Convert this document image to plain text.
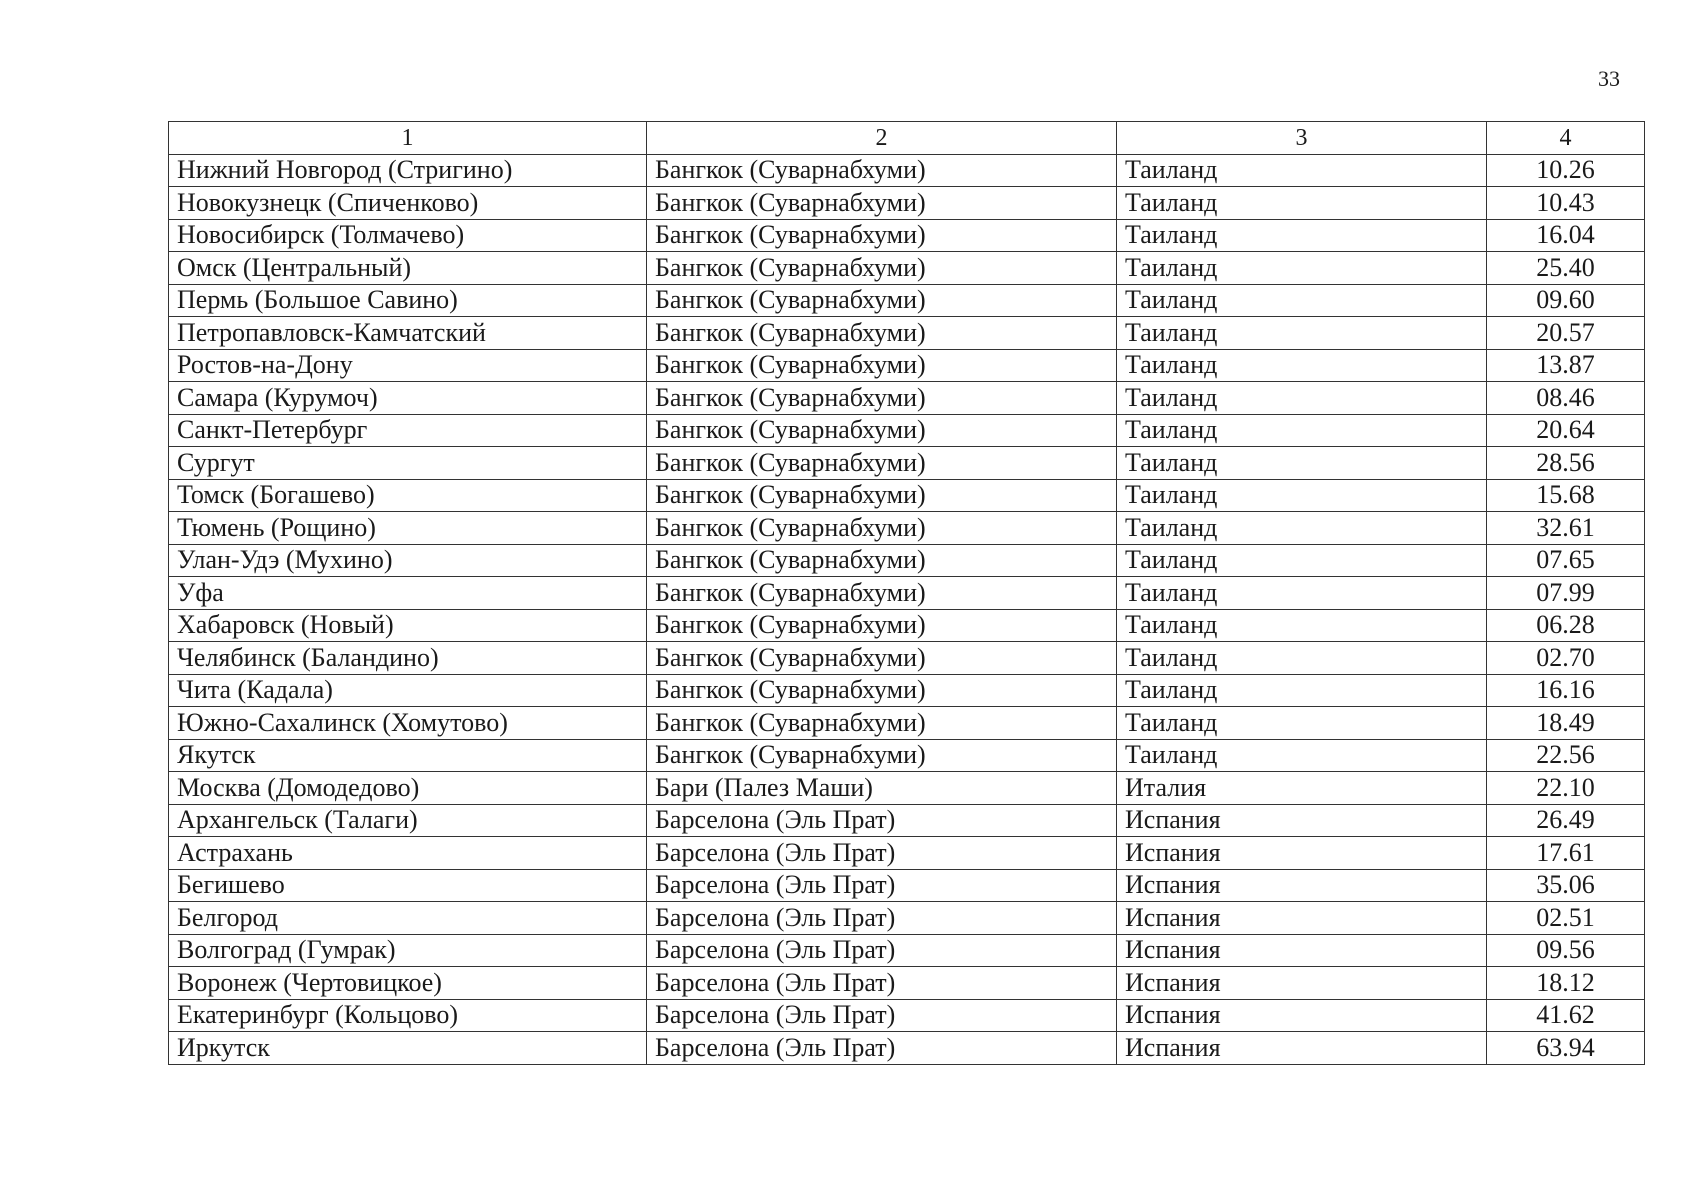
33
1	2	3	4
Нижний Новгород (Стригино)	Бангкок (Суварнабхуми)	Таиланд	10.26
Новокузнецк (Спиченково)	Бангкок (Суварнабхуми)	Таиланд	10.43
Новосибирск (Толмачево)	Бангкок (Суварнабхуми)	Таиланд	16.04
Омск (Центральный)	Бангкок (Суварнабхуми)	Таиланд	25.40
Пермь (Большое Савино)	Бангкок (Суварнабхуми)	Таиланд	09.60
Петропавловск-Камчатский	Бангкок (Суварнабхуми)	Таиланд	20.57
Ростов-на-Дону	Бангкок (Суварнабхуми)	Таиланд	13.87
Самара (Курумоч)	Бангкок (Суварнабхуми)	Таиланд	08.46
Санкт-Петербург	Бангкок (Суварнабхуми)	Таиланд	20.64
Сургут	Бангкок (Суварнабхуми)	Таиланд	28.56
Томск (Богашево)	Бангкок (Суварнабхуми)	Таиланд	15.68
Тюмень (Рощино)	Бангкок (Суварнабхуми)	Таиланд	32.61
Улан-Удэ (Мухино)	Бангкок (Суварнабхуми)	Таиланд	07.65
Уфа	Бангкок (Суварнабхуми)	Таиланд	07.99
Хабаровск (Новый)	Бангкок (Суварнабхуми)	Таиланд	06.28
Челябинск (Баландино)	Бангкок (Суварнабхуми)	Таиланд	02.70
Чита (Кадала)	Бангкок (Суварнабхуми)	Таиланд	16.16
Южно-Сахалинск (Хомутово)	Бангкок (Суварнабхуми)	Таиланд	18.49
Якутск	Бангкок (Суварнабхуми)	Таиланд	22.56
Москва (Домодедово)	Бари (Палез Маши)	Италия	22.10
Архангельск (Талаги)	Барселона (Эль Прат)	Испания	26.49
Астрахань	Барселона (Эль Прат)	Испания	17.61
Бегишево	Барселона (Эль Прат)	Испания	35.06
Белгород	Барселона (Эль Прат)	Испания	02.51
Волгоград (Гумрак)	Барселона (Эль Прат)	Испания	09.56
Воронеж (Чертовицкое)	Барселона (Эль Прат)	Испания	18.12
Екатеринбург (Кольцово)	Барселона (Эль Прат)	Испания	41.62
Иркутск	Барселона (Эль Прат)	Испания	63.94
